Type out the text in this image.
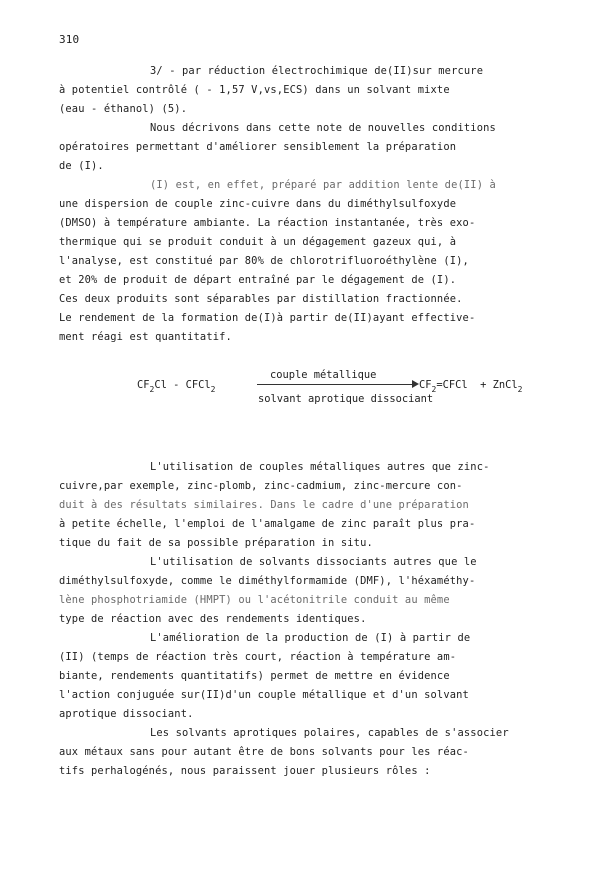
310
3/ - par réduction électrochimique de(II)sur mercure
à potentiel contrôlé ( - 1,57 V,vs,ECS) dans un solvant mixte
(eau - éthanol) (5).
Nous décrivons dans cette note de nouvelles conditions
opératoires permettant d'améliorer sensiblement la préparation
de (I).
(I) est, en effet, préparé par addition lente de(II) à
une dispersion de couple zinc-cuivre dans du diméthylsulfoxyde
(DMSO) à température ambiante. La réaction instantanée, très exo-
thermique qui se produit conduit à un dégagement gazeux qui, à
l'analyse, est constitué par 80% de chlorotrifluoroéthylène (I),
et 20% de produit de départ entraîné par le dégagement de (I).
Ces deux produits sont séparables par distillation fractionnée.
Le rendement de la formation de(I)à partir de(II)ayant effective-
ment réagi est quantitatif.
$CF_2Cl$ - CFCl$_2$
couple métallique
solvant aprotique dissociant
$CF_2=CFCl$  + ZnCl$_2$
L'utilisation de couples métalliques autres que zinc-
cuivre,par exemple, zinc-plomb, zinc-cadmium, zinc-mercure con-
duit à des résultats similaires. Dans le cadre d'une préparation
à petite échelle, l'emploi de l'amalgame de zinc paraît plus pra-
tique du fait de sa possible préparation in situ.
L'utilisation de solvants dissociants autres que le
diméthylsulfoxyde, comme le diméthylformamide (DMF), l'héxaméthy-
lène phosphotriamide (HMPT) ou l'acétonitrile conduit au même
type de réaction avec des rendements identiques.
L'amélioration de la production de (I) à partir de
(II) (temps de réaction très court, réaction à température am-
biante, rendements quantitatifs) permet de mettre en évidence
l'action conjuguée sur(II)d'un couple métallique et d'un solvant
aprotique dissociant.
Les solvants aprotiques polaires, capables de s'associer
aux métaux sans pour autant être de bons solvants pour les réac-
tifs perhalogénés, nous paraissent jouer plusieurs rôles :
